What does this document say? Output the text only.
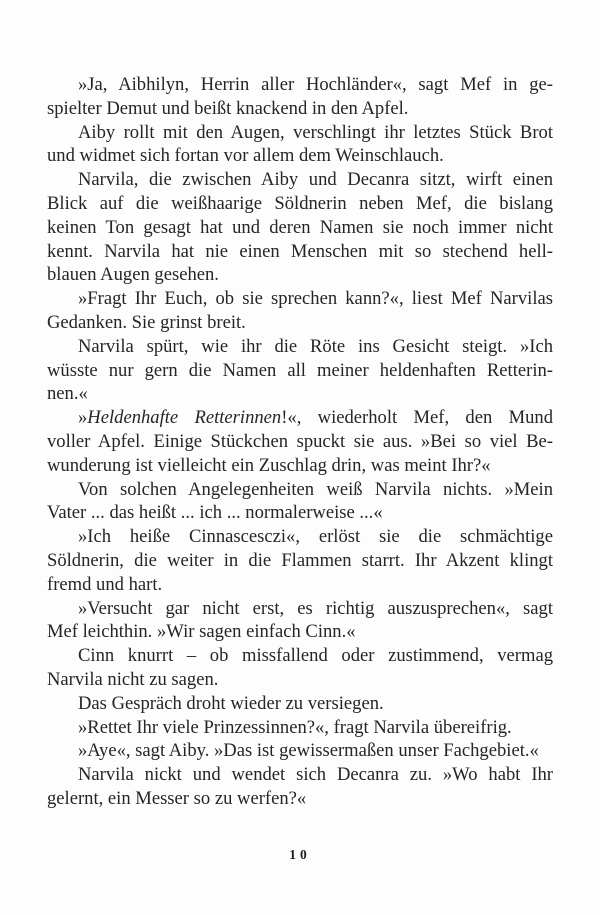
»Ja, Aibhilyn, Herrin aller Hochländer«, sagt Mef in ge-
spielter Demut und beißt knackend in den Apfel.
Aiby rollt mit den Augen, verschlingt ihr letztes Stück Brot
und widmet sich fortan vor allem dem Weinschlauch.
Narvila, die zwischen Aiby und Decanra sitzt, wirft einen
Blick auf die weißhaarige Söldnerin neben Mef, die bislang
keinen Ton gesagt hat und deren Namen sie noch immer nicht
kennt. Narvila hat nie einen Menschen mit so stechend hell-
blauen Augen gesehen.
»Fragt Ihr Euch, ob sie sprechen kann?«, liest Mef Narvilas
Gedanken. Sie grinst breit.
Narvila spürt, wie ihr die Röte ins Gesicht steigt. »Ich
wüsste nur gern die Namen all meiner heldenhaften Retterin-
nen.«
»Heldenhafte Retterinnen!«, wiederholt Mef, den Mund
voller Apfel. Einige Stückchen spuckt sie aus. »Bei so viel Be-
wunderung ist vielleicht ein Zuschlag drin, was meint Ihr?«
Von solchen Angelegenheiten weiß Narvila nichts. »Mein
Vater ... das heißt ... ich ... normalerweise ...«
»Ich heiße Cinnascesczi«, erlöst sie die schmächtige
Söldnerin, die weiter in die Flammen starrt. Ihr Akzent klingt
fremd und hart.
»Versucht gar nicht erst, es richtig auszusprechen«, sagt
Mef leichthin. »Wir sagen einfach Cinn.«
Cinn knurrt – ob missfallend oder zustimmend, vermag
Narvila nicht zu sagen.
Das Gespräch droht wieder zu versiegen.
»Rettet Ihr viele Prinzessinnen?«, fragt Narvila übereifrig.
»Aye«, sagt Aiby. »Das ist gewissermaßen unser Fachgebiet.«
Narvila nickt und wendet sich Decanra zu. »Wo habt Ihr
gelernt, ein Messer so zu werfen?«
10
